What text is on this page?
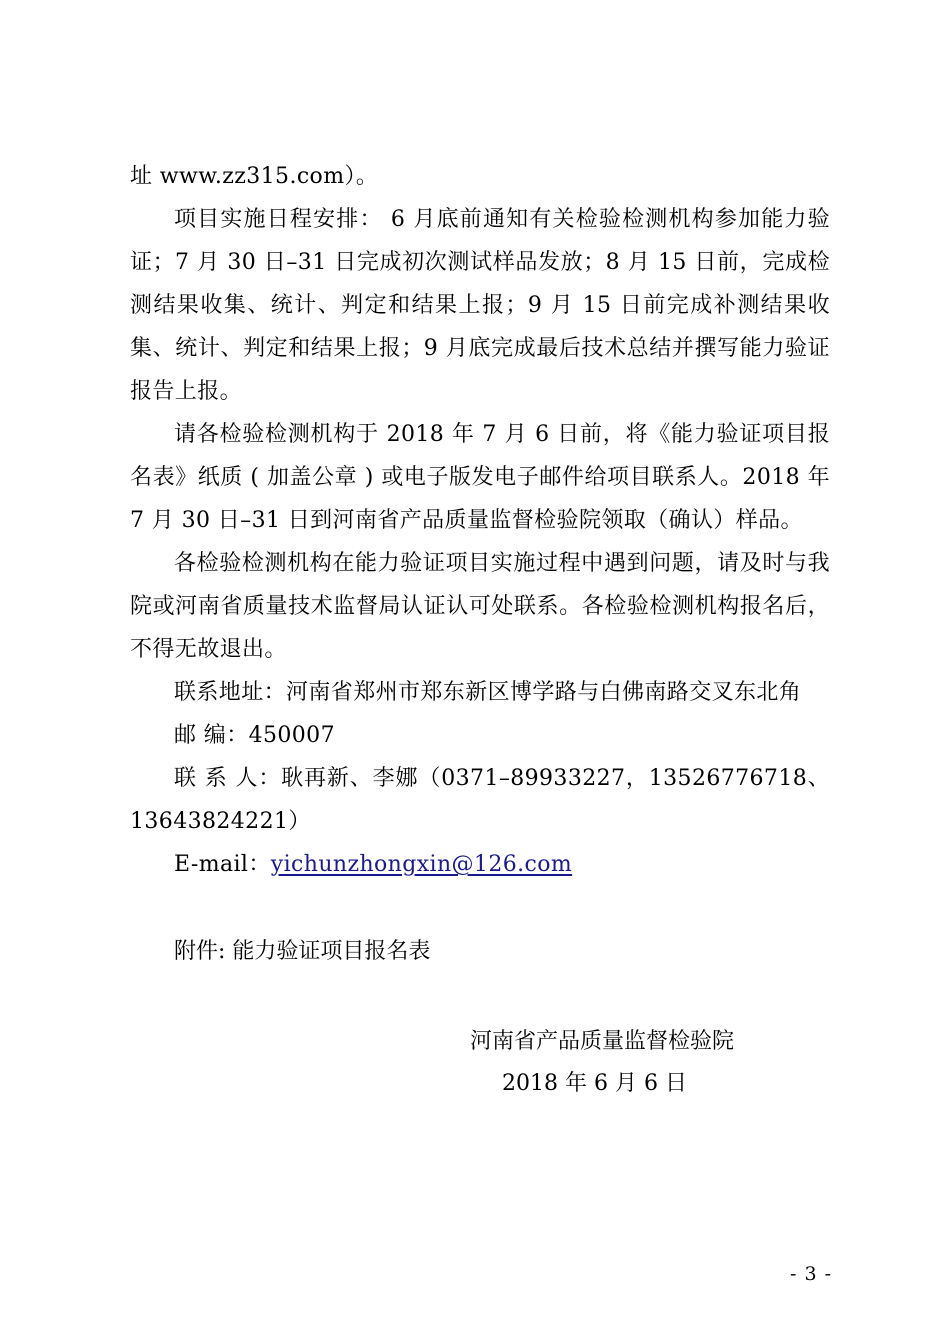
址 www.zz315.com）。

项目实施日程安排： 6 月底前通知有关检验检测机构参加能力验证；7 月 30 日–31 日完成初次测试样品发放；8 月 15 日前，完成检测结果收集、统计、判定和结果上报；9 月 15 日前完成补测结果收集、统计、判定和结果上报；9 月底完成最后技术总结并撰写能力验证报告上报。

请各检验检测机构于 2018 年 7 月 6 日前，将《能力验证项目报名表》纸质 ( 加盖公章 ) 或电子版发电子邮件给项目联系人。2018 年 7 月 30 日–31 日到河南省产品质量监督检验院领取（确认）样品。

各检验检测机构在能力验证项目实施过程中遇到问题，请及时与我院或河南省质量技术监督局认证认可处联系。各检验检测机构报名后，不得无故退出。

联系地址：河南省郑州市郑东新区博学路与白佛南路交叉东北角

邮 编：450007

联 系 人：耿再新、李娜（0371–89933227，13526776718、13643824221）

E-mail：yichunzhongxin@126.com

附件: 能力验证项目报名表

河南省产品质量监督检验院
2018 年 6 月 6 日
- 3 -
